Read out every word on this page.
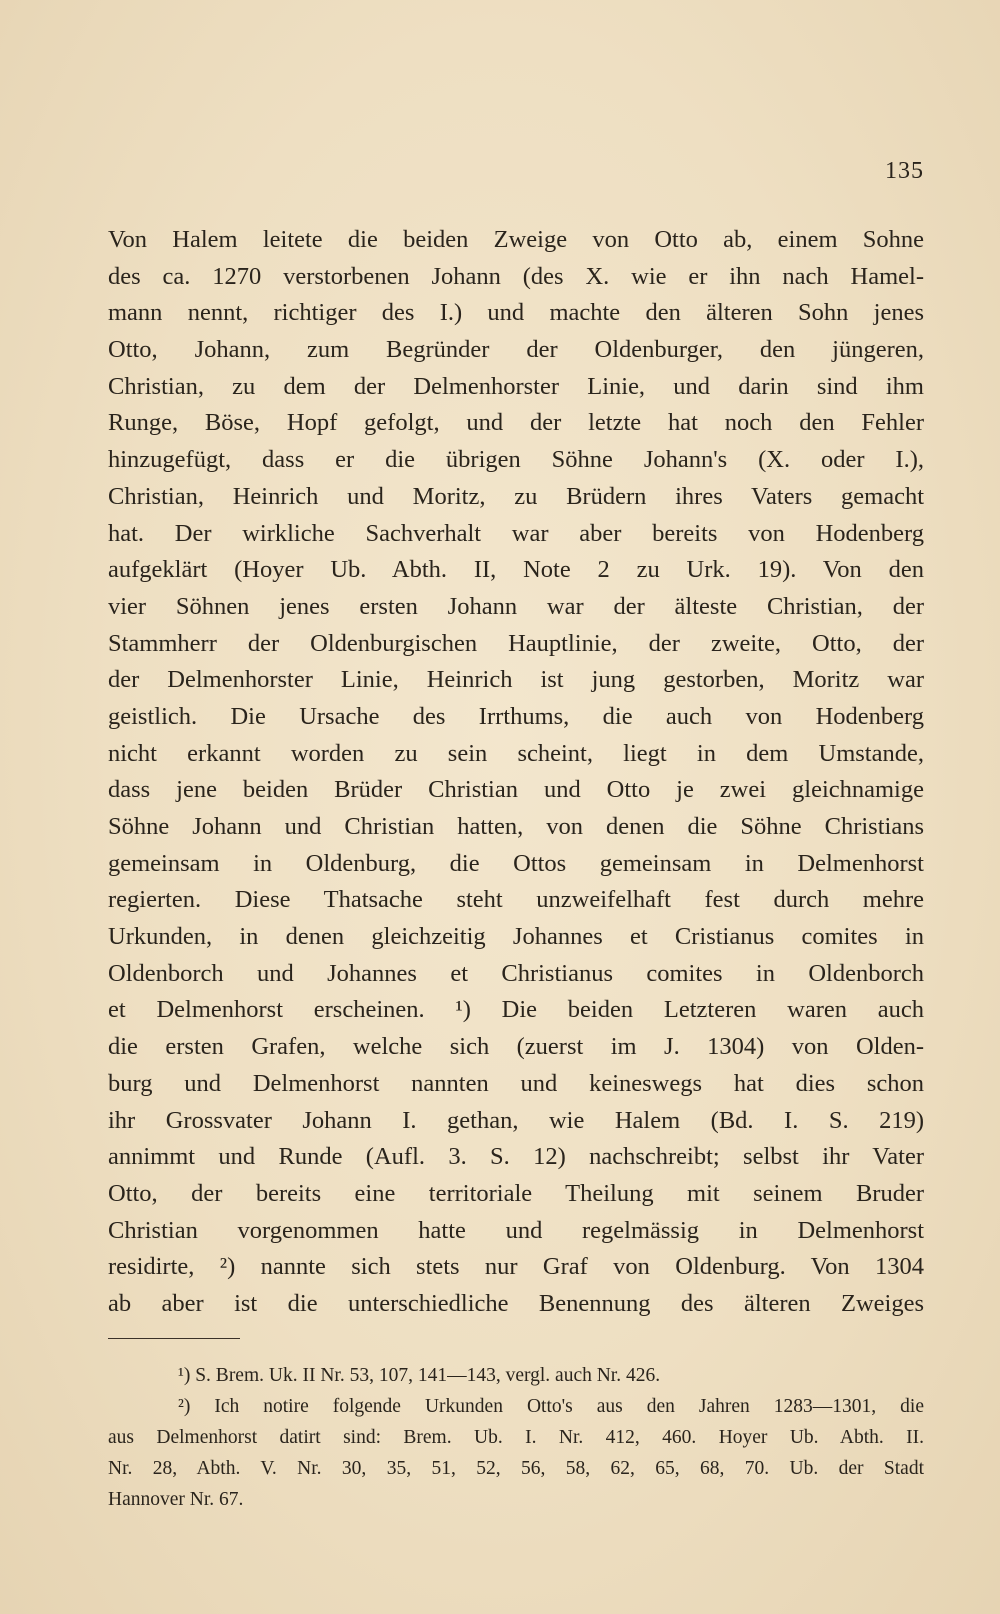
135
Von Halem leitete die beiden Zweige von Otto ab, einem Sohne
des ca. 1270 verstorbenen Johann (des X. wie er ihn nach Hamel-
mann nennt, richtiger des I.) und machte den älteren Sohn jenes
Otto, Johann, zum Begründer der Oldenburger, den jüngeren,
Christian, zu dem der Delmenhorster Linie, und darin sind ihm
Runge, Böse, Hopf gefolgt, und der letzte hat noch den Fehler
hinzugefügt, dass er die übrigen Söhne Johann's (X. oder I.),
Christian, Heinrich und Moritz, zu Brüdern ihres Vaters gemacht
hat. Der wirkliche Sachverhalt war aber bereits von Hodenberg
aufgeklärt (Hoyer Ub. Abth. II, Note 2 zu Urk. 19). Von den
vier Söhnen jenes ersten Johann war der älteste Christian, der
Stammherr der Oldenburgischen Hauptlinie, der zweite, Otto, der
der Delmenhorster Linie, Heinrich ist jung gestorben, Moritz war
geistlich. Die Ursache des Irrthums, die auch von Hodenberg
nicht erkannt worden zu sein scheint, liegt in dem Umstande,
dass jene beiden Brüder Christian und Otto je zwei gleichnamige
Söhne Johann und Christian hatten, von denen die Söhne Christians
gemeinsam in Oldenburg, die Ottos gemeinsam in Delmenhorst
regierten. Diese Thatsache steht unzweifelhaft fest durch mehre
Urkunden, in denen gleichzeitig Johannes et Cristianus comites in
Oldenborch und Johannes et Christianus comites in Oldenborch
et Delmenhorst erscheinen. ¹) Die beiden Letzteren waren auch
die ersten Grafen, welche sich (zuerst im J. 1304) von Olden-
burg und Delmenhorst nannten und keineswegs hat dies schon
ihr Grossvater Johann I. gethan, wie Halem (Bd. I. S. 219)
annimmt und Runde (Aufl. 3. S. 12) nachschreibt; selbst ihr Vater
Otto, der bereits eine territoriale Theilung mit seinem Bruder
Christian vorgenommen hatte und regelmässig in Delmenhorst
residirte, ²) nannte sich stets nur Graf von Oldenburg. Von 1304
ab aber ist die unterschiedliche Benennung des älteren Zweiges
¹) S. Brem. Uk. II Nr. 53, 107, 141—143, vergl. auch Nr. 426.
²) Ich notire folgende Urkunden Otto's aus den Jahren 1283—1301, die
aus Delmenhorst datirt sind: Brem. Ub. I. Nr. 412, 460. Hoyer Ub. Abth. II.
Nr. 28, Abth. V. Nr. 30, 35, 51, 52, 56, 58, 62, 65, 68, 70. Ub. der Stadt
Hannover Nr. 67.
